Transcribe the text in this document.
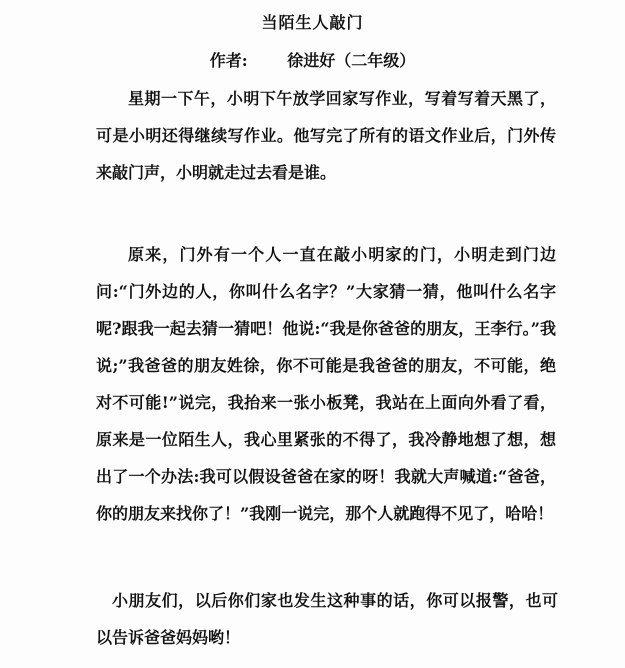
当陌生人敲门
作者: 徐进好（二年级）

星期一下午，小明下午放学回家写作业，写着写着天黑了，可是小明还得继续写作业。他写完了所有的语文作业后，门外传来敲门声，小明就走过去看是谁。

原来，门外有一个人一直在敲小明家的门，小明走到门边问:“门外边的人，你叫什么名字？”大家猜一猜，他叫什么名字呢?跟我一起去猜一猜吧！他说:“我是你爸爸的朋友，王李行。”我说;”我爸爸的朋友姓徐，你不可能是我爸爸的朋友，不可能，绝对不可能!”说完，我抬来一张小板凳，我站在上面向外看了看，原来是一位陌生人，我心里紧张的不得了，我冷静地想了想，想出了一个办法:我可以假设爸爸在家的呀！我就大声喊道:“爸爸，你的朋友来找你了！”我刚一说完，那个人就跑得不见了，哈哈！

小朋友们，以后你们家也发生这种事的话，你可以报警，也可以告诉爸爸妈妈哟！
